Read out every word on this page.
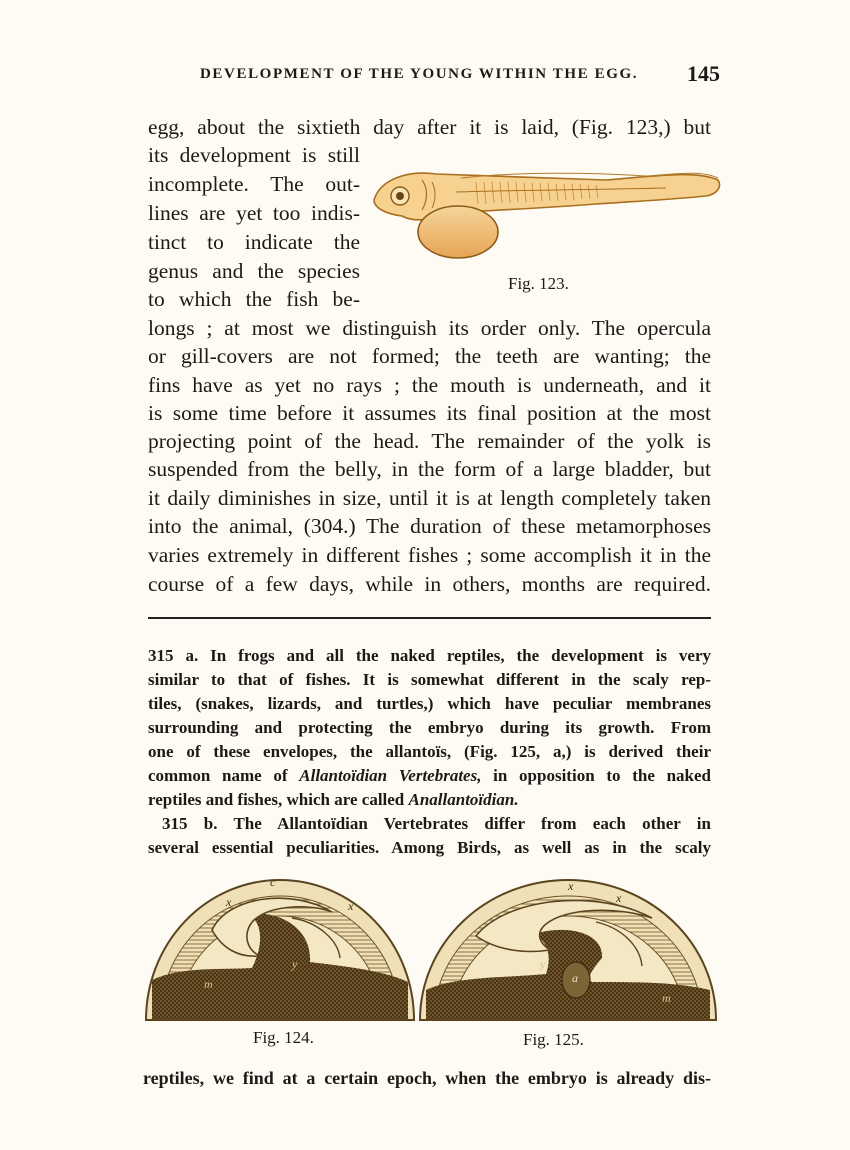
DEVELOPMENT OF THE YOUNG WITHIN THE EGG. 145
egg, about the sixtieth day after it is laid, (Fig. 123,) but
its development is still
incomplete. The out-
lines are yet too indis-
tinct to indicate the
genus and the species
to which the fish be-
longs ; at most we distinguish its order only. The opercula
or gill-covers are not formed; the teeth are wanting; the
fins have as yet no rays ; the mouth is underneath, and it
is some time before it assumes its final position at the most
projecting point of the head. The remainder of the yolk is
suspended from the belly, in the form of a large bladder, but
it daily diminishes in size, until it is at length completely taken
into the animal, (304.) The duration of these metamorphoses
varies extremely in different fishes ; some accomplish it in the
course of a few days, while in others, months are required.
Fig. 123.
315 a. In frogs and all the naked reptiles, the development is very
similar to that of fishes. It is somewhat different in the scaly rep-
tiles, (snakes, lizards, and turtles,) which have peculiar membranes
surrounding and protecting the embryo during its growth. From
one of these envelopes, the allantoïs, (Fig. 125, a,) is derived their
common name of Allantoïdian Vertebrates, in opposition to the naked
reptiles and fishes, which are called Anallantoïdian.
315 b. The Allantoïdian Vertebrates differ from each other in
several essential peculiarities. Among Birds, as well as in the scaly
c
x	x
m
y
Fig. 124.
x
x
a
y
m
Fig. 125.
reptiles, we find at a certain epoch, when the embryo is already dis-
